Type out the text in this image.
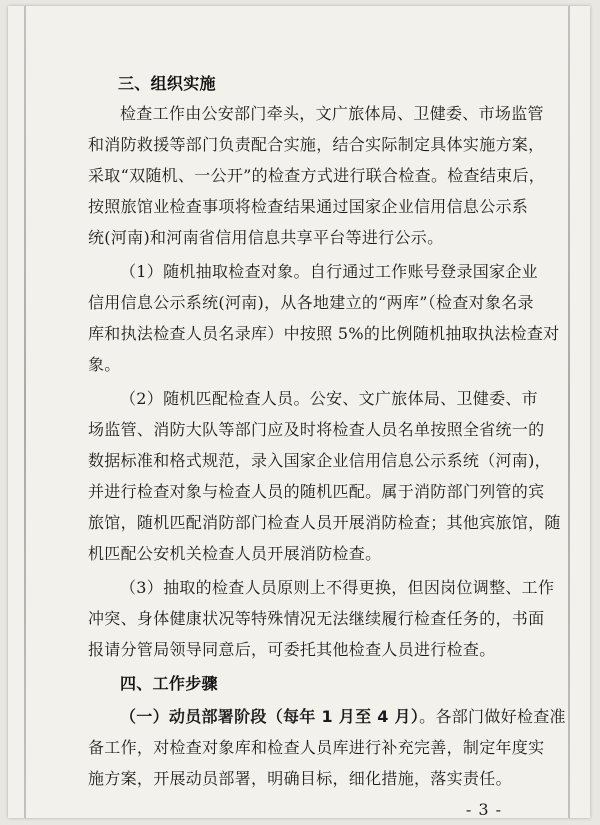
三、组织实施
检查工作由公安部门牵头，文广旅体局、卫健委、市场监管
和消防救援等部门负责配合实施，结合实际制定具体实施方案，
采取“双随机、一公开”的检查方式进行联合检查。检查结束后，
按照旅馆业检查事项将检查结果通过国家企业信用信息公示系
统(河南)和河南省信用信息共享平台等进行公示。
（1）随机抽取检查对象。自行通过工作账号登录国家企业
信用信息公示系统(河南)，从各地建立的“两库”（检查对象名录
库和执法检查人员名录库）中按照 5%的比例随机抽取执法检查对
象。
（2）随机匹配检查人员。公安、文广旅体局、卫健委、市
场监管、消防大队等部门应及时将检查人员名单按照全省统一的
数据标准和格式规范，录入国家企业信用信息公示系统（河南)，
并进行检查对象与检查人员的随机匹配。属于消防部门列管的宾
旅馆，随机匹配消防部门检查人员开展消防检查；其他宾旅馆，随
机匹配公安机关检查人员开展消防检查。
（3）抽取的检查人员原则上不得更换，但因岗位调整、工作
冲突、身体健康状况等特殊情况无法继续履行检查任务的，书面
报请分管局领导同意后，可委托其他检查人员进行检查。
四、工作步骤
（一）动员部署阶段（每年 1 月至 4 月）。各部门做好检查准
备工作，对检查对象库和检查人员库进行补充完善，制定年度实
施方案，开展动员部署，明确目标，细化措施，落实责任。
- 3 -
